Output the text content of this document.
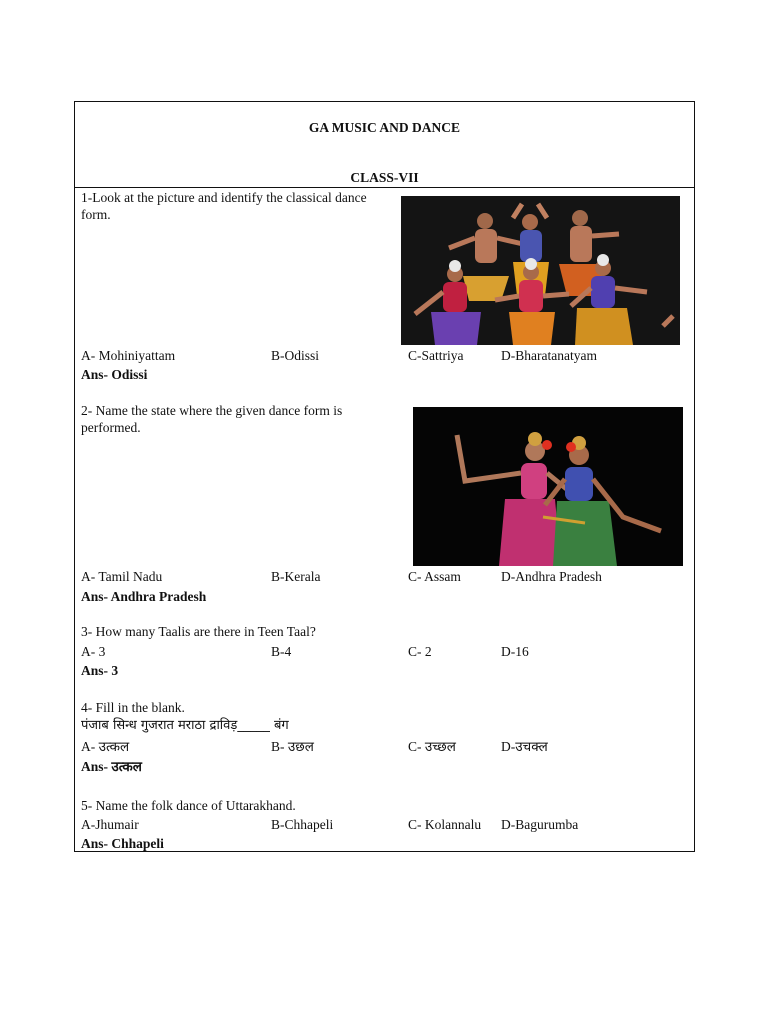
GA MUSIC AND DANCE
CLASS-VII
1-Look at the picture and identify the classical dance form.
A- Mohiniyattam	B-Odissi	C-Sattriya	D-Bharatanatyam
Ans- Odissi
2- Name the state where the given dance form is performed.
A- Tamil Nadu	B-Kerala	C- Assam	D-Andhra Pradesh
Ans- Andhra Pradesh
3- How many Taalis are there in Teen Taal?
A- 3	B-4	C- 2	D-16
Ans- 3
4- Fill in the blank.
पंजाब सिन्ध गुजरात मराठा द्राविड़_____ बंग
A- उत्कल	B- उछल	C- उच्छल	D-उचक्ल
Ans- उत्कल
5- Name the folk dance of Uttarakhand.
A-Jhumair	B-Chhapeli	C- Kolannalu D-Bagurumba
Ans- Chhapeli
